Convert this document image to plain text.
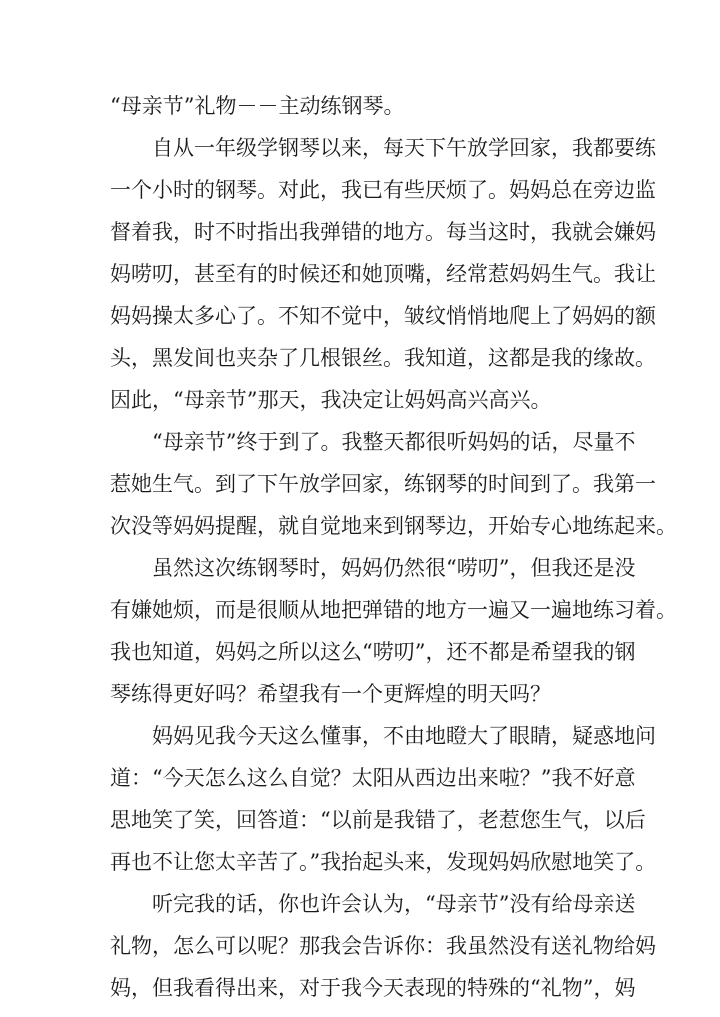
“母亲节”礼物－－主动练钢琴。
自从一年级学钢琴以来，每天下午放学回家，我都要练
一个小时的钢琴。对此，我已有些厌烦了。妈妈总在旁边监
督着我，时不时指出我弹错的地方。每当这时，我就会嫌妈
妈唠叨，甚至有的时候还和她顶嘴，经常惹妈妈生气。我让
妈妈操太多心了。不知不觉中，皱纹悄悄地爬上了妈妈的额
头，黑发间也夹杂了几根银丝。我知道，这都是我的缘故。
因此，“母亲节”那天，我决定让妈妈高兴高兴。
“母亲节”终于到了。我整天都很听妈妈的话，尽量不
惹她生气。到了下午放学回家，练钢琴的时间到了。我第一
次没等妈妈提醒，就自觉地来到钢琴边，开始专心地练起来。
虽然这次练钢琴时，妈妈仍然很“唠叨”，但我还是没
有嫌她烦，而是很顺从地把弹错的地方一遍又一遍地练习着。
我也知道，妈妈之所以这么“唠叨”，还不都是希望我的钢
琴练得更好吗？希望我有一个更辉煌的明天吗？
妈妈见我今天这么懂事，不由地瞪大了眼睛，疑惑地问
道：“今天怎么这么自觉？太阳从西边出来啦？”我不好意
思地笑了笑，回答道：“以前是我错了，老惹您生气，以后
再也不让您太辛苦了。”我抬起头来，发现妈妈欣慰地笑了。
听完我的话，你也许会认为，“母亲节”没有给母亲送
礼物，怎么可以呢？那我会告诉你：我虽然没有送礼物给妈
妈，但我看得出来，对于我今天表现的特殊的“礼物”，妈
